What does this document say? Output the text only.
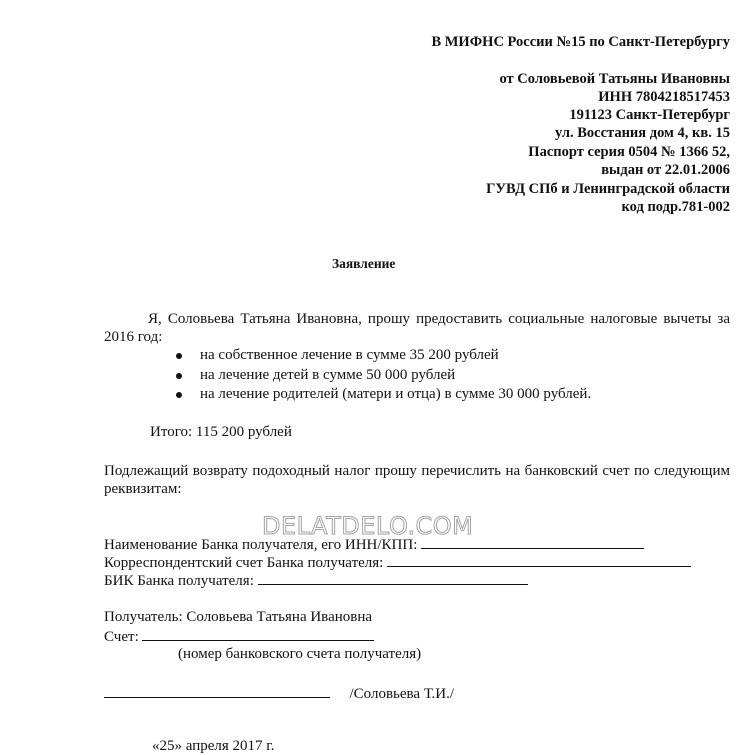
В МИФНС России №15 по Санкт-Петербургу

от Соловьевой Татьяны Ивановны

ИНН 7804218517453

191123 Санкт-Петербург

ул. Восстания дом 4, кв. 15

Паспорт серия 0504 № 1366 52,

выдан от 22.01.2006

ГУВД СПб и Ленинградской области

код подр.781-002

Заявление
Я, Соловьева Татьяна Ивановна, прошу предоставить социальные налоговые вычеты за 2016 год:
на собственное лечение в сумме 35 200 рублей
на лечение детей в сумме 50 000 рублей
на лечение родителей (матери и отца) в сумме 30 000 рублей.
Итого: 115 200 рублей
Подлежащий возврату подоходный налог прошу перечислить на банковский счет по следующим реквизитам:
DELATDELO.COM
Наименование Банка получателя, его ИНН/КПП:
Корреспондентский счет Банка получателя:
БИК Банка получателя:
Получатель: Соловьева Татьяна Ивановна
Счет:
(номер банковского счета получателя)
/Соловьева Т.И./
«25» апреля 2017 г.
